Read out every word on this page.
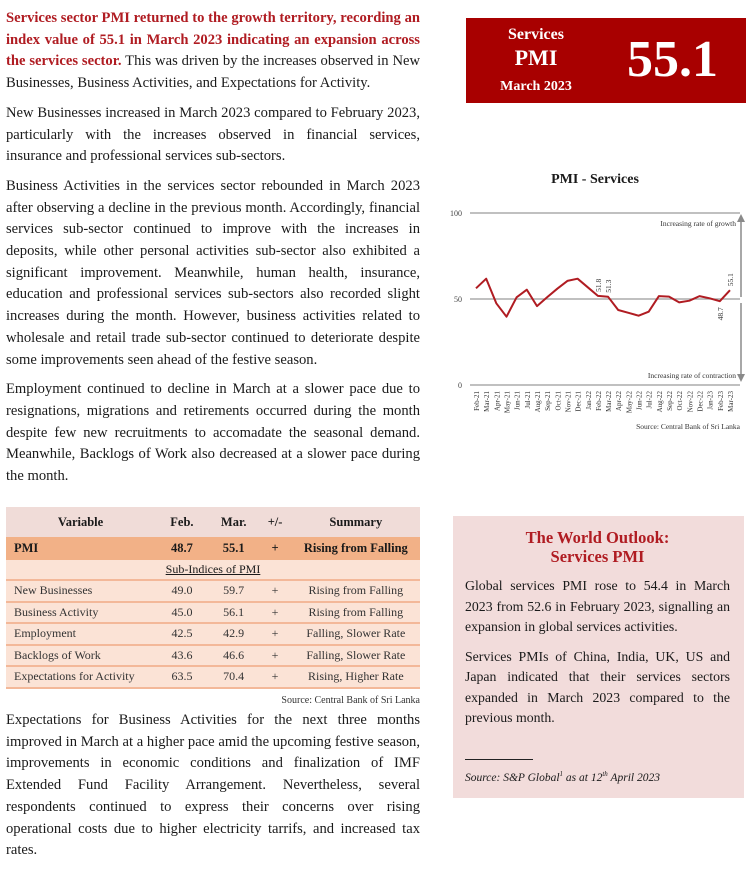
Services sector PMI returned to the growth territory, recording an index value of 55.1 in March 2023 indicating an expansion across the services sector. This was driven by the increases observed in New Businesses, Business Activities, and Expectations for Activity.

New Businesses increased in March 2023 compared to February 2023, particularly with the increases observed in financial services, insurance and professional services sub-sectors.

Business Activities in the services sector rebounded in March 2023 after observing a decline in the previous month. Accordingly, financial services sub-sector continued to improve with the increases in deposits, while other personal activities sub-sector also exhibited a significant improvement. Meanwhile, human health, insurance, education and professional services sub-sectors also recorded slight increases during the month. However, business activities related to wholesale and retail trade sub-sector continued to deteriorate despite some improvements seen ahead of the festive season.

Employment continued to decline in March at a slower pace due to resignations, migrations and retirements occurred during the month despite few new recruitments to accomadate the seasonal demand. Meanwhile, Backlogs of Work also decreased at a slower pace during the month.

Services
PMI
March 2023	55.1
PMI - Services
0
50
100
Increasing rate of growth
Increasing rate of contraction
51.8 51.3
48.7
55.1
Feb-21 Mar-21 Apr-21 May-21 Jun-21 Jul-21 Aug-21 Sep-21 Oct-21 Nov-21 Dec-21 Jan-22 Feb-22 Mar-22 Apr-22 May-22 Jun-22 Jul-22 Aug-22 Sep-22 Oct-22 Nov-22 Dec-22 Jan-23 Feb-23 Mar-23
Source: Central Bank of Sri Lanka
Variable	Feb.	Mar.	+/-	Summary
PMI	48.7	55.1	+	Rising from Falling
Sub-Indices of PMI				
New Businesses	49.0	59.7	+	Rising from Falling
Business Activity	45.0	56.1	+	Rising from Falling
Employment	42.5	42.9	+	Falling, Slower Rate
Backlogs of Work	43.6	46.6	+	Falling, Slower Rate
Expectations for Activity	63.5	70.4	+	Rising, Higher Rate
Source: Central Bank of Sri Lanka
The World Outlook:
Services PMI

Global services PMI rose to 54.4 in March 2023 from 52.6 in February 2023, signalling an expansion in global services activities.

Services PMIs of China, India, UK, US and Japan indicated that their services sectors expanded in March 2023 compared to the previous month.

Source: S&P Global$^1$ as at 12th April 2023

Expectations for Business Activities for the next three months improved in March at a higher pace amid the upcoming festive season, improvements in economic conditions and finalization of IMF Extended Fund Facility Arrangement. Nevertheless, several respondents continued to express their concerns over rising operational costs due to higher electricity tarrifs, and increased tax rates.
